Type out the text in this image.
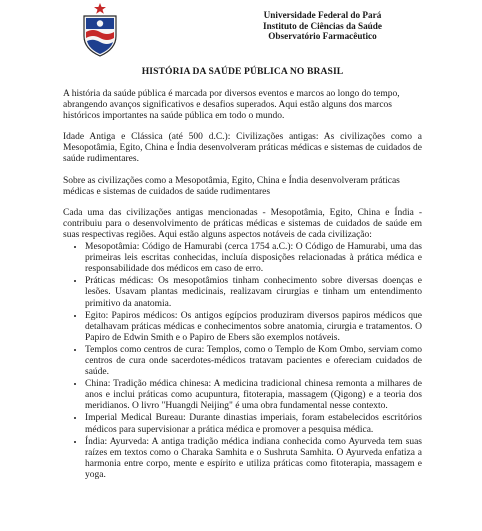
Universidade Federal do Pará
Instituto de Ciências da Saúde
Observatório Farmacêutico
HISTÓRIA DA SAÚDE PÚBLICA NO BRASIL

A história da saúde pública é marcada por diversos eventos e marcos ao longo do tempo, abrangendo avanços significativos e desafios superados. Aqui estão alguns dos marcos históricos importantes na saúde pública em todo o mundo.

Idade Antiga e Clássica (até 500 d.C.): Civilizações antigas: As civilizações como a Mesopotâmia, Egito, China e Índia desenvolveram práticas médicas e sistemas de cuidados de saúde rudimentares.

Sobre as civilizações como a Mesopotâmia, Egito, China e Índia desenvolveram práticas médicas e sistemas de cuidados de saúde rudimentares

Cada uma das civilizações antigas mencionadas - Mesopotâmia, Egito, China e Índia - contribuiu para o desenvolvimento de práticas médicas e sistemas de cuidados de saúde em suas respectivas regiões. Aqui estão alguns aspectos notáveis de cada civilização:

• Mesopotâmia: Código de Hamurabi (cerca 1754 a.C.): O Código de Hamurabi, uma das primeiras leis escritas conhecidas, incluía disposições relacionadas à prática médica e responsabilidade dos médicos em caso de erro.
• Práticas médicas: Os mesopotâmios tinham conhecimento sobre diversas doenças e lesões. Usavam plantas medicinais, realizavam cirurgias e tinham um entendimento primitivo da anatomia.
• Egito: Papiros médicos: Os antigos egípcios produziram diversos papiros médicos que detalhavam práticas médicas e conhecimentos sobre anatomia, cirurgia e tratamentos. O Papiro de Edwin Smith e o Papiro de Ebers são exemplos notáveis.
• Templos como centros de cura: Templos, como o Templo de Kom Ombo, serviam como centros de cura onde sacerdotes-médicos tratavam pacientes e ofereciam cuidados de saúde.
• China: Tradição médica chinesa: A medicina tradicional chinesa remonta a milhares de anos e inclui práticas como acupuntura, fitoterapia, massagem (Qigong) e a teoria dos meridianos. O livro "Huangdi Neijing" é uma obra fundamental nesse contexto.
• Imperial Medical Bureau: Durante dinastias imperiais, foram estabelecidos escritórios médicos para supervisionar a prática médica e promover a pesquisa médica.
• Índia: Ayurveda: A antiga tradição médica indiana conhecida como Ayurveda tem suas raízes em textos como o Charaka Samhita e o Sushruta Samhita. O Ayurveda enfatiza a harmonia entre corpo, mente e espírito e utiliza práticas como fitoterapia, massagem e yoga.
